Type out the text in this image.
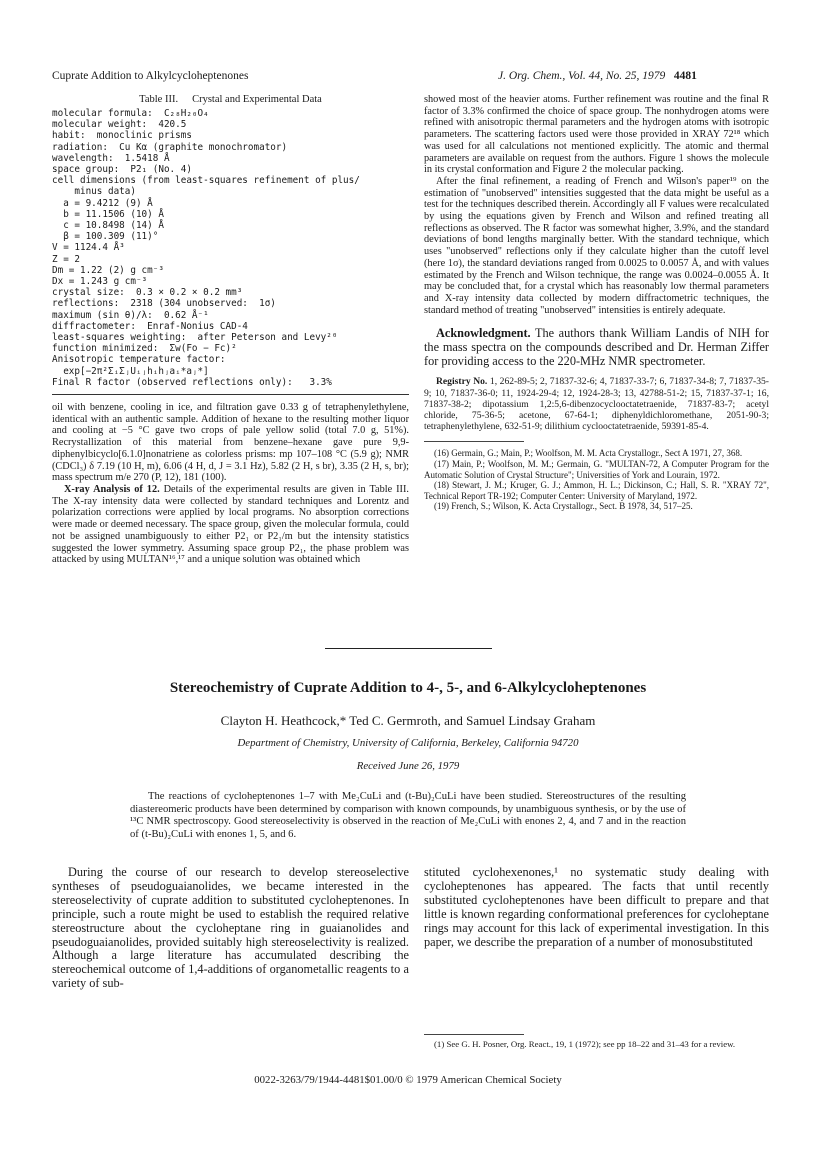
Cuprate Addition to Alkylcycloheptenones	J. Org. Chem., Vol. 44, No. 25, 1979 4481
Table III. Crystal and Experimental Data
molecular formula:  C₂₈H₂₀O₄
molecular weight:  420.5
habit:  monoclinic prisms
radiation:  Cu Kα (graphite monochromator)
wavelength:  1.5418 Å
space group:  P2₁ (No. 4)
cell dimensions (from least-squares refinement of plus/
minus data)
a = 9.4212 (9) Å
b = 11.1506 (10) Å
c = 10.8498 (14) Å
β = 100.309 (11)°
V = 1124.4 Å³
Z = 2
Dm = 1.22 (2) g cm⁻³
Dx = 1.243 g cm⁻³
crystal size:  0.3 × 0.2 × 0.2 mm³
reflections:  2318 (304 unobserved:  1σ)
maximum (sin θ)/λ:  0.62 Å⁻¹
diffractometer:  Enraf-Nonius CAD-4
least-squares weighting:  after Peterson and Levy²⁰
function minimized:  Σw(Fo − Fc)²
Anisotropic temperature factor:
exp[−2π²ΣᵢΣⱼUᵢⱼhᵢhⱼaᵢ*aⱼ*]
Final R factor (observed reflections only):   3.3%

oil with benzene, cooling in ice, and filtration gave 0.33 g of tetraphenylethylene, identical with an authentic sample. Addition of hexane to the resulting mother liquor and cooling at −5 °C gave two crops of pale yellow solid (total 7.0 g, 51%). Recrystallization of this material from benzene–hexane gave pure 9,9-diphenylbicyclo[6.1.0]nonatriene as colorless prisms: mp 107–108 °C (5.9 g); NMR (CDCl₃) δ 7.19 (10 H, m), 6.06 (4 H, d, J = 3.1 Hz), 5.82 (2 H, s br), 3.35 (2 H, s, br); mass spectrum m/e 270 (P, 12), 181 (100).

X-ray Analysis of 12. Details of the experimental results are given in Table III. The X-ray intensity data were collected by standard techniques and Lorentz and polarization corrections were applied by local programs. No absorption corrections were made or deemed necessary. The space group, given the molecular formula, could not be assigned unambiguously to either P2₁ or P2₁/m but the intensity statistics suggested the lower symmetry. Assuming space group P2₁, the phase problem was attacked by using MULTAN¹⁶,¹⁷ and a unique solution was obtained which

showed most of the heavier atoms. Further refinement was routine and the final R factor of 3.3% confirmed the choice of space group. The nonhydrogen atoms were refined with anisotropic thermal parameters and the hydrogen atoms with isotropic parameters. The scattering factors used were those provided in XRAY 72¹⁸ which was used for all calculations not mentioned explicitly. The atomic and thermal parameters are available on request from the authors. Figure 1 shows the molecule in its crystal conformation and Figure 2 the molecular packing.

After the final refinement, a reading of French and Wilson's paper¹⁹ on the estimation of "unobserved" intensities suggested that the data might be useful as a test for the techniques described therein. Accordingly all F values were recalculated by using the equations given by French and Wilson and refined treating all reflections as observed. The R factor was somewhat higher, 3.9%, and the standard deviations of bond lengths marginally better. With the standard technique, which uses "unobserved" reflections only if they calculate higher than the cutoff level (here 1σ), the standard deviations ranged from 0.0025 to 0.0057 Å, and with values estimated by the French and Wilson technique, the range was 0.0024–0.0055 Å. It may be concluded that, for a crystal which has reasonably low thermal parameters and X-ray intensity data collected by modern diffractometric techniques, the standard method of treating "unobserved" intensities is entirely adequate.

Acknowledgment. The authors thank William Landis of NIH for the mass spectra on the compounds described and Dr. Herman Ziffer for providing access to the 220-MHz NMR spectrometer.

Registry No. 1, 262-89-5; 2, 71837-32-6; 4, 71837-33-7; 6, 71837-34-8; 7, 71837-35-9; 10, 71837-36-0; 11, 1924-29-4; 12, 1924-28-3; 13, 42788-51-2; 15, 71837-37-1; 16, 71837-38-2; dipotassium 1,2:5,6-dibenzocyclooctatetraenide, 71837-83-7; acetyl chloride, 75-36-5; acetone, 67-64-1; diphenyldichloromethane, 2051-90-3; tetraphenylethylene, 632-51-9; dilithium cyclooctatetraenide, 59391-85-4.

(16) Germain, G.; Main, P.; Woolfson, M. M. Acta Crystallogr., Sect A 1971, 27, 368.

(17) Main, P.; Woolfson, M. M.; Germain, G. "MULTAN-72, A Computer Program for the Automatic Solution of Crystal Structure"; Universities of York and Lourain, 1972.

(18) Stewart, J. M.; Kruger, G. J.; Ammon, H. L.; Dickinson, C.; Hall, S. R. "XRAY 72", Technical Report TR-192; Computer Center: University of Maryland, 1972.

(19) French, S.; Wilson, K. Acta Crystallogr., Sect. B 1978, 34, 517–25.

Stereochemistry of Cuprate Addition to 4-, 5-, and 6-Alkylcycloheptenones
Clayton H. Heathcock,* Ted C. Germroth, and Samuel Lindsay Graham
Department of Chemistry, University of California, Berkeley, California 94720
Received June 26, 1979
The reactions of cycloheptenones 1–7 with Me₂CuLi and (t-Bu)₂CuLi have been studied. Stereostructures of the resulting diastereomeric products have been determined by comparison with known compounds, by unambiguous synthesis, or by the use of ¹³C NMR spectroscopy. Good stereoselectivity is observed in the reaction of Me₂CuLi with enones 2, 4, and 7 and in the reaction of (t-Bu)₂CuLi with enones 1, 5, and 6.
During the course of our research to develop stereoselective syntheses of pseudoguaianolides, we became interested in the stereoselectivity of cuprate addition to substituted cycloheptenones. In principle, such a route might be used to establish the required relative stereostructure about the cycloheptane ring in guaianolides and pseudoguaianolides, provided suitably high stereoselectivity is realized. Although a large literature has accumulated describing the stereochemical outcome of 1,4-additions of organometallic reagents to a variety of sub-
stituted cyclohexenones,¹ no systematic study dealing with cycloheptenones has appeared. The facts that until recently substituted cycloheptenones have been difficult to prepare and that little is known regarding conformational preferences for cycloheptane rings may account for this lack of experimental investigation. In this paper, we describe the preparation of a number of monosubstituted
(1) See G. H. Posner, Org. React., 19, 1 (1972); see pp 18–22 and 31–43 for a review.
0022-3263/79/1944-4481$01.00/0 © 1979 American Chemical Society
